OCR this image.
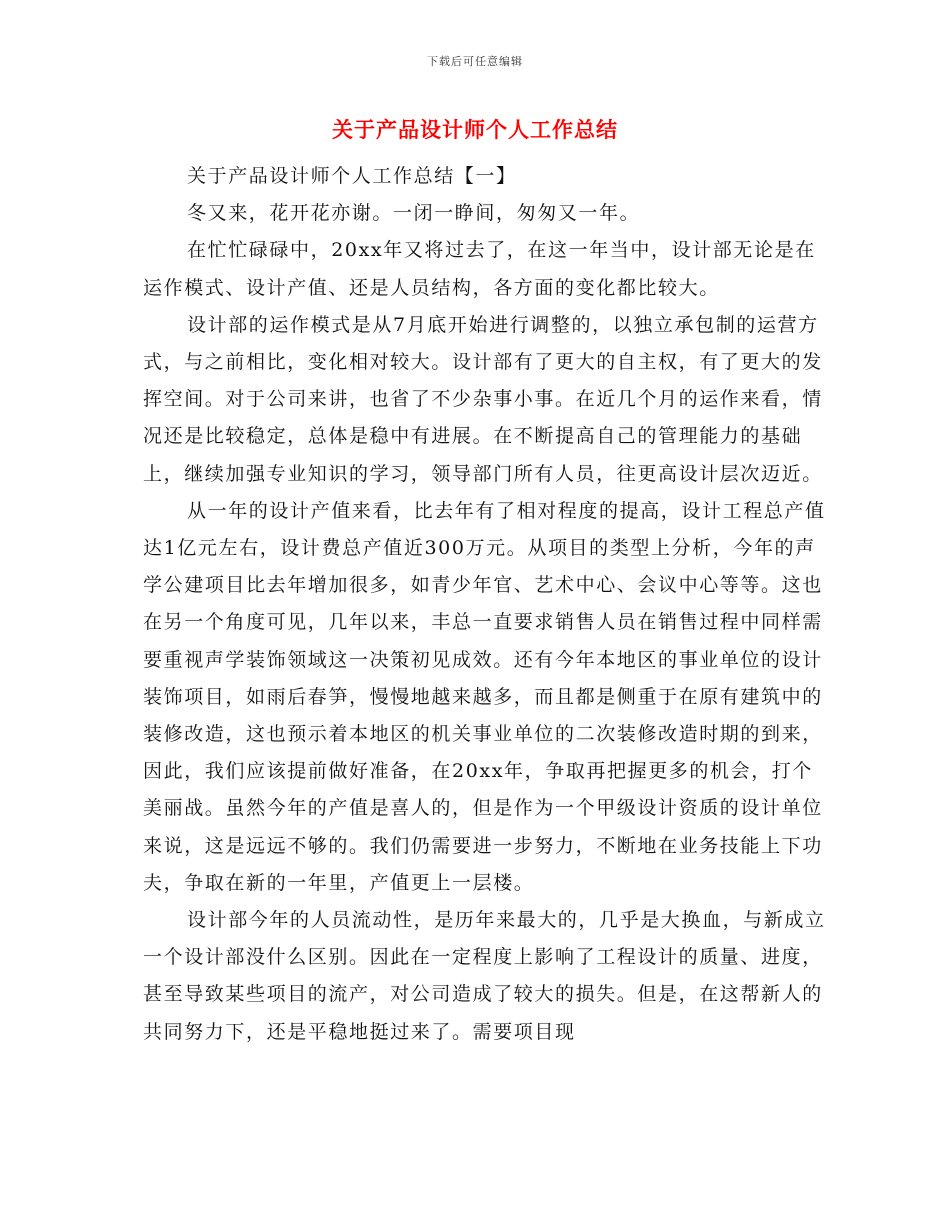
下载后可任意编辑
关于产品设计师个人工作总结

关于产品设计师个人工作总结【一】

冬又来，花开花亦谢。一闭一睁间，匆匆又一年。

在忙忙碌碌中，20xx年又将过去了，在这一年当中，设计部无论是在运作模式、设计产值、还是人员结构，各方面的变化都比较大。

设计部的运作模式是从7月底开始进行调整的，以独立承包制的运营方式，与之前相比，变化相对较大。设计部有了更大的自主权，有了更大的发挥空间。对于公司来讲，也省了不少杂事小事。在近几个月的运作来看，情况还是比较稳定，总体是稳中有进展。在不断提高自己的管理能力的基础上，继续加强专业知识的学习，领导部门所有人员，往更高设计层次迈近。

从一年的设计产值来看，比去年有了相对程度的提高，设计工程总产值达1亿元左右，设计费总产值近300万元。从项目的类型上分析，今年的声学公建项目比去年增加很多，如青少年官、艺术中心、会议中心等等。这也在另一个角度可见，几年以来，丰总一直要求销售人员在销售过程中同样需要重视声学装饰领域这一决策初见成效。还有今年本地区的事业单位的设计装饰项目，如雨后春笋，慢慢地越来越多，而且都是侧重于在原有建筑中的装修改造，这也预示着本地区的机关事业单位的二次装修改造时期的到来，因此，我们应该提前做好准备，在20xx年，争取再把握更多的机会，打个美丽战。虽然今年的产值是喜人的，但是作为一个甲级设计资质的设计单位来说，这是远远不够的。我们仍需要进一步努力，不断地在业务技能上下功夫，争取在新的一年里，产值更上一层楼。

设计部今年的人员流动性，是历年来最大的，几乎是大换血，与新成立一个设计部没什么区别。因此在一定程度上影响了工程设计的质量、进度，甚至导致某些项目的流产，对公司造成了较大的损失。但是，在这帮新人的共同努力下，还是平稳地挺过来了。需要项目现
